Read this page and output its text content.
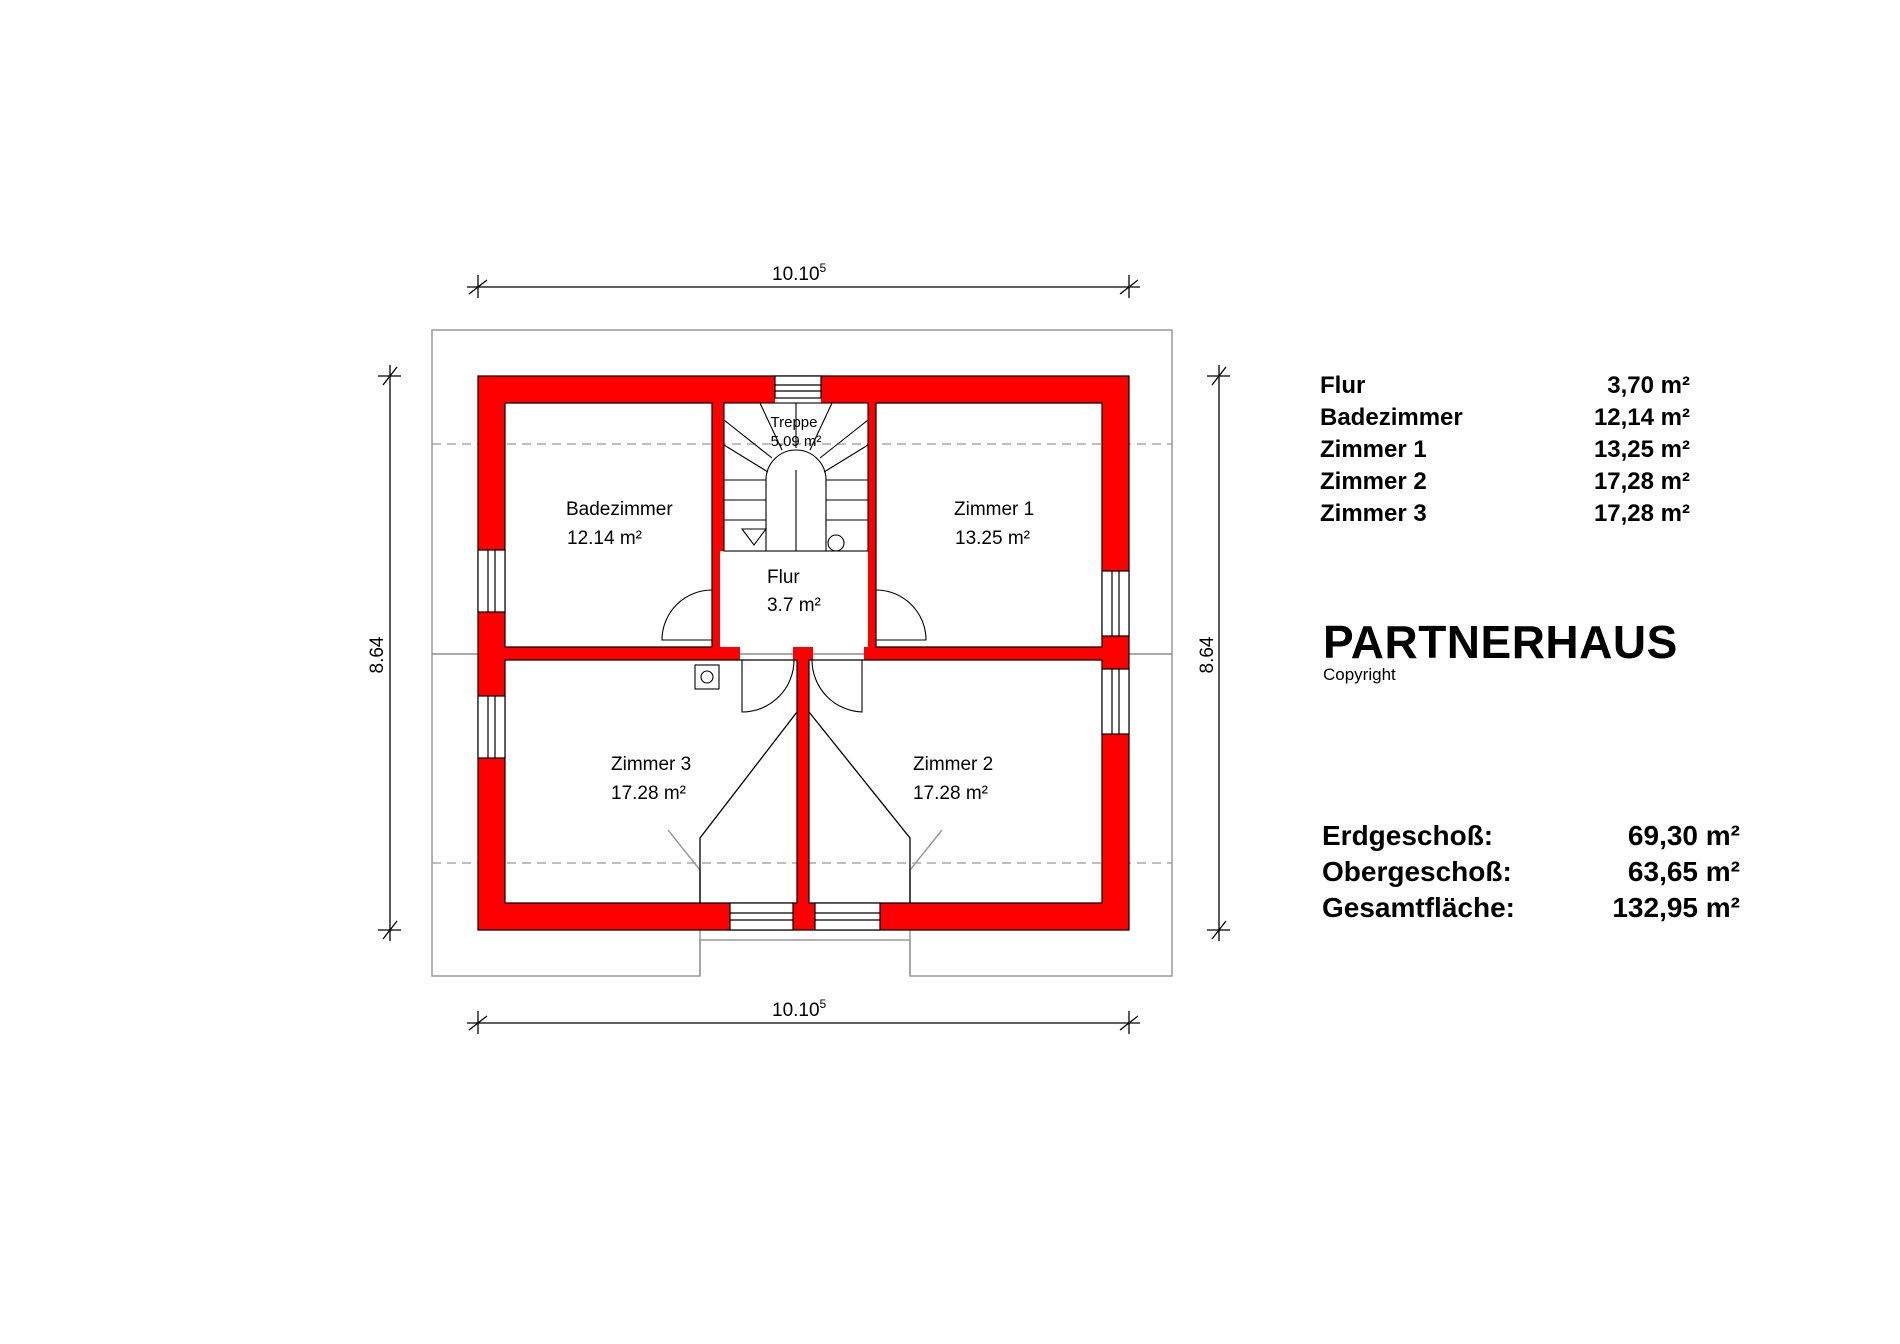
10.10$^5$
10.10$^5$
8.64	8.64
Badezimmer
12.14 m²
Zimmer 1
13.25 m²
Flur
3.7 m²
Treppe
5.09 m²
Zimmer 3
17.28 m²
Zimmer 2
17.28 m²
Flur	3,70 m²
Badezimmer	12,14 m²
Zimmer 1	13,25 m²
Zimmer 2	17,28 m²
Zimmer 3	17,28 m²
PARTNERHAUS
Copyright
Erdgeschoß:	69,30 m²
Obergeschoß:	63,65 m²
Gesamtfläche:	132,95 m²
